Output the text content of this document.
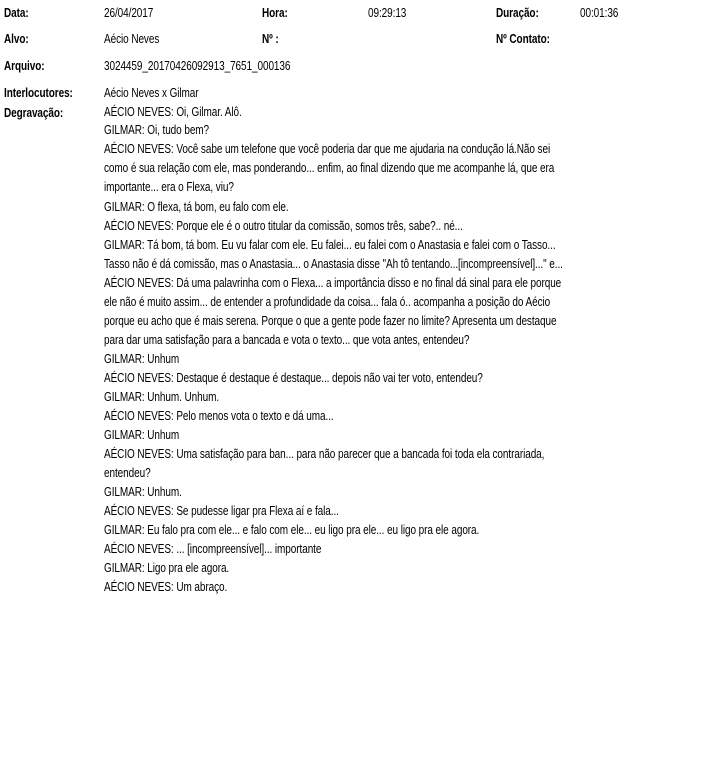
Data:	26/04/2017	Hora:	09:29:13	Duração:	00:01:36
Alvo:	Aécio Neves	Nº :	Nº Contato:
Arquivo:	3024459_20170426092913_7651_000136
Interlocutores: Aécio Neves x Gilmar
Degravação:	AÉCIO NEVES: Oi, Gilmar. Alô.
GILMAR: Oi, tudo bem?
AÉCIO NEVES: Você sabe um telefone que você poderia dar que me ajudaria na condução lá.Não sei
como é sua relação com ele, mas ponderando... enfim, ao final dizendo que me acompanhe lá, que era
importante... era o Flexa, viu?
GILMAR: O flexa, tá bom, eu falo com ele.
AÉCIO NEVES: Porque ele é o outro titular da comissão, somos três, sabe?.. né...
GILMAR: Tá bom, tá bom. Eu vu falar com ele. Eu falei... eu falei com o Anastasia e falei com o Tasso...
Tasso não é dá comissão, mas o Anastasia... o Anastasia disse "Ah tô tentando...[incompreensível]..." e...
AÉCIO NEVES: Dá uma palavrinha com o Flexa... a importância disso e no final dá sinal para ele porque
ele não é muito assim... de entender a profundidade da coisa... fala ó.. acompanha a posição do Aécio
porque eu acho que é mais serena. Porque o que a gente pode fazer no limite? Apresenta um destaque
para dar uma satisfação para a bancada e vota o texto... que vota antes, entendeu?
GILMAR: Unhum
AÉCIO NEVES: Destaque é destaque é destaque... depois não vai ter voto, entendeu?
GILMAR: Unhum. Unhum.
AÉCIO NEVES: Pelo menos vota o texto e dá uma...
GILMAR: Unhum
AÉCIO NEVES: Uma satisfação para ban... para não parecer que a bancada foi toda ela contrariada,
entendeu?
GILMAR: Unhum.
AÉCIO NEVES: Se pudesse ligar pra Flexa aí e fala...
GILMAR: Eu falo pra com ele... e falo com ele... eu ligo pra ele... eu ligo pra ele agora.
AÉCIO NEVES: ... [incompreensível]... importante
GILMAR: Ligo pra ele agora.
AÉCIO NEVES: Um abraço.
